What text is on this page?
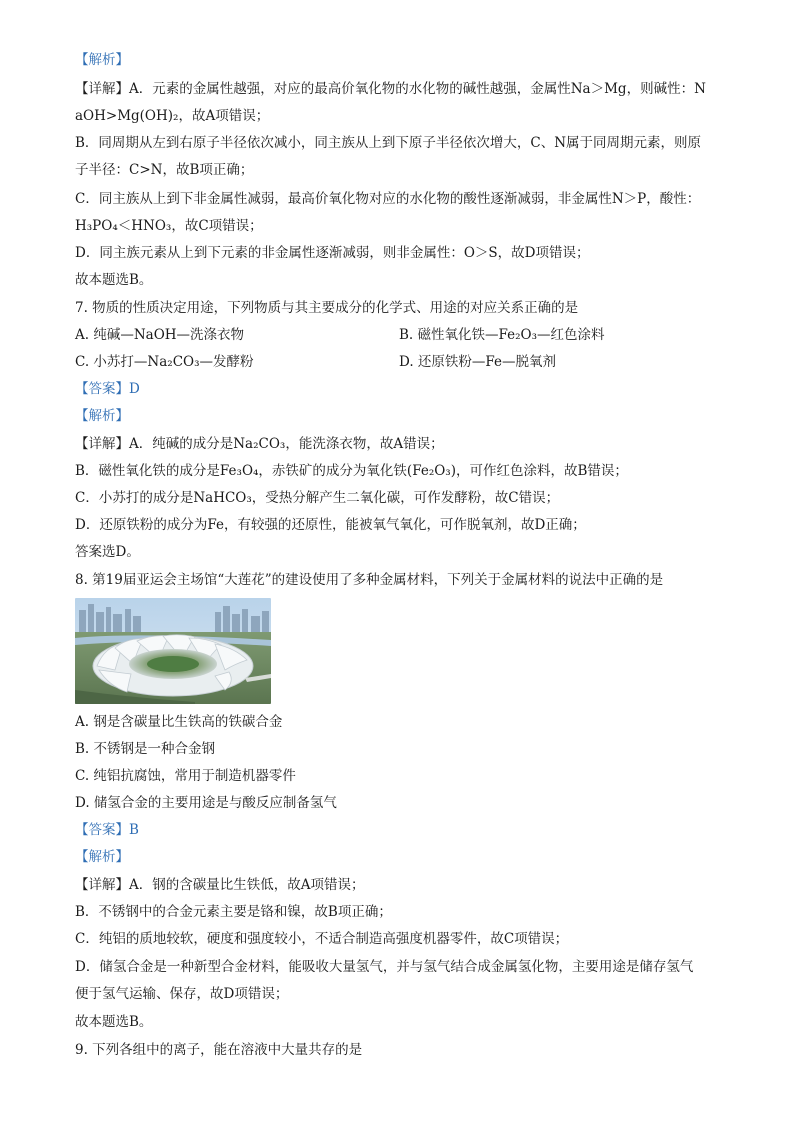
【解析】
【详解】A．元素的金属性越强，对应的最高价氧化物的水化物的碱性越强，金属性Na＞Mg，则碱性：N
aOH>Mg(OH)₂，故A项错误；
B．同周期从左到右原子半径依次减小，同主族从上到下原子半径依次增大，C、N属于同周期元素，则原
子半径：C>N，故B项正确；
C．同主族从上到下非金属性减弱，最高价氧化物对应的水化物的酸性逐渐减弱，非金属性N＞P，酸性：
H₃PO₄＜HNO₃，故C项错误；
D．同主族元素从上到下元素的非金属性逐渐减弱，则非金属性：O＞S，故D项错误；
故本题选B。
7. 物质的性质决定用途，下列物质与其主要成分的化学式、用途的对应关系正确的是
A. 纯碱—NaOH—洗涤衣物	B. 磁性氧化铁—Fe₂O₃—红色涂料
C. 小苏打—Na₂CO₃—发酵粉	D. 还原铁粉—Fe—脱氧剂
【答案】D
【解析】
【详解】A．纯碱的成分是Na₂CO₃，能洗涤衣物，故A错误；
B．磁性氧化铁的成分是Fe₃O₄，赤铁矿的成分为氧化铁(Fe₂O₃)，可作红色涂料，故B错误；
C．小苏打的成分是NaHCO₃，受热分解产生二氧化碳，可作发酵粉，故C错误；
D．还原铁粉的成分为Fe，有较强的还原性，能被氧气氧化，可作脱氧剂，故D正确；
答案选D。
8. 第19届亚运会主场馆“大莲花”的建设使用了多种金属材料，下列关于金属材料的说法中正确的是
A. 钢是含碳量比生铁高的铁碳合金
B. 不锈钢是一种合金钢
C. 纯铝抗腐蚀，常用于制造机器零件
D. 储氢合金的主要用途是与酸反应制备氢气
【答案】B
【解析】
【详解】A．钢的含碳量比生铁低，故A项错误；
B．不锈钢中的合金元素主要是铬和镍，故B项正确；
C．纯铝的质地较软，硬度和强度较小，不适合制造高强度机器零件，故C项错误；
D．储氢合金是一种新型合金材料，能吸收大量氢气，并与氢气结合成金属氢化物，主要用途是储存氢气
便于氢气运输、保存，故D项错误；
故本题选B。
9. 下列各组中的离子，能在溶液中大量共存的是
